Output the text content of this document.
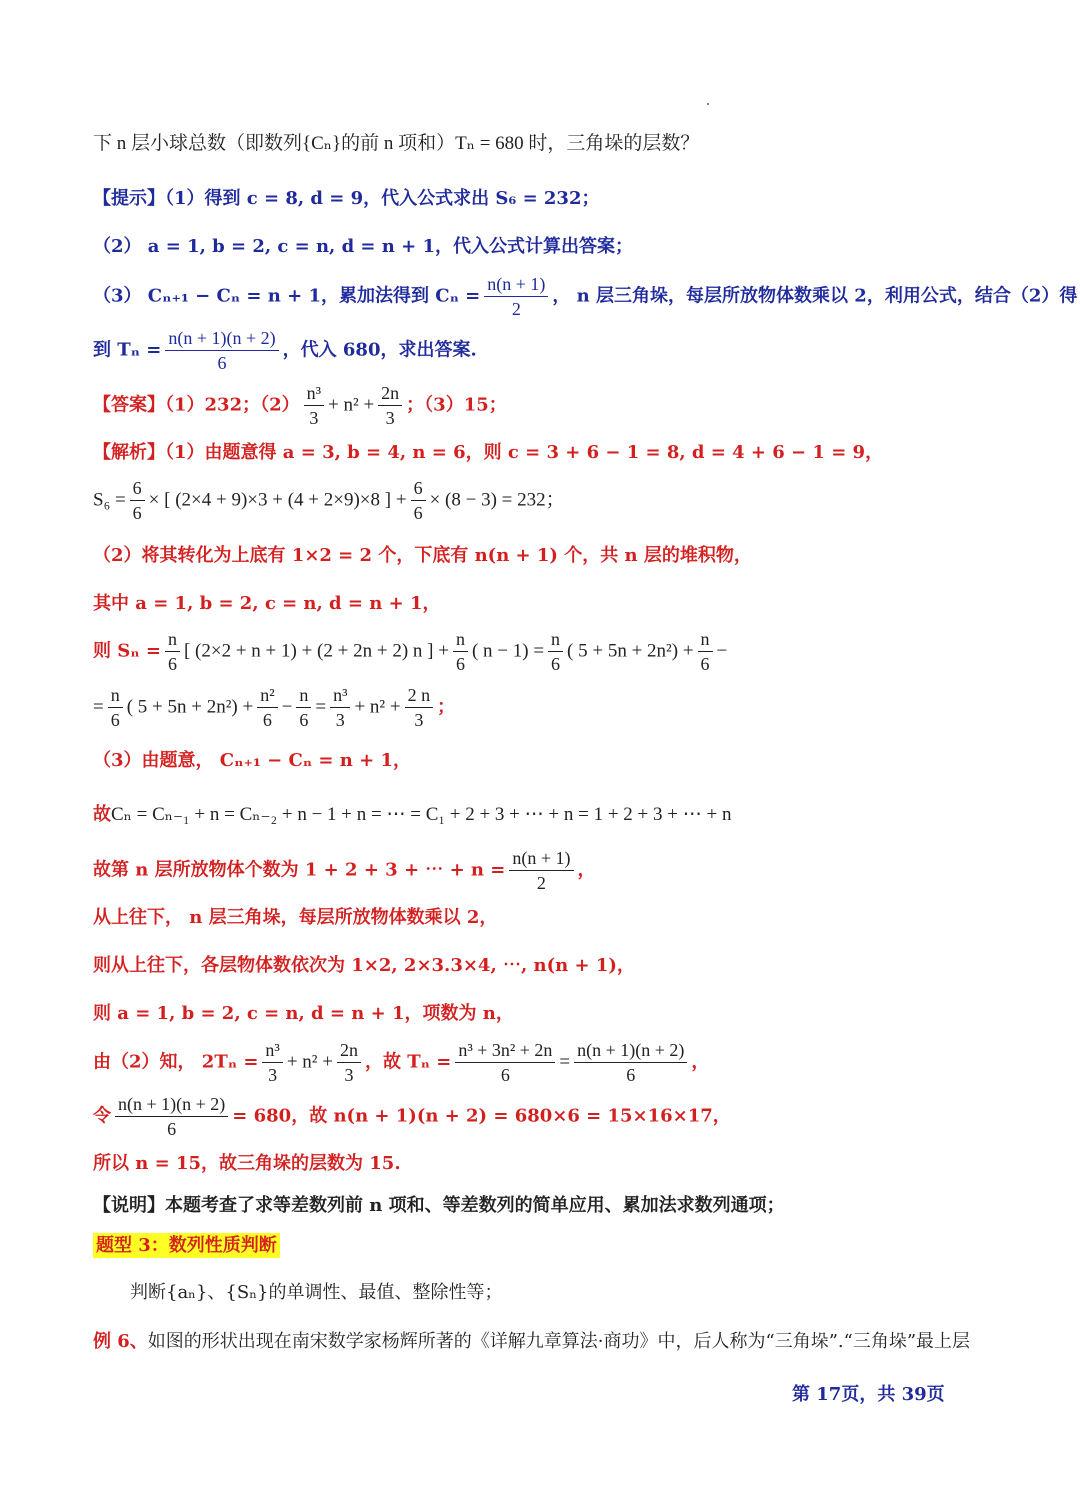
下 n 层小球总数（即数列{Cₙ}的前 n 项和）Tₙ = 680 时，三角垛的层数？
【提示】（1）得到 c = 8, d = 9，代入公式求出 S₆ = 232；
（2） a = 1, b = 2, c = n, d = n + 1，代入公式计算出答案；
（3） Cₙ₊₁ − Cₙ = n + 1，累加法得到 $C_n = \frac{n(n + 1)}{2}$ ， n 层三角垛，每层所放物体数乘以 2，利用公式，结合（2）得
到 $T_n = \frac{n(n + 1)(n + 2)}{6}$ ，代入 680，求出答案.
【答案】（1）232；$(2) \frac{\text{n³}}{3} + n^2 + \frac{2n}{3}$ ；（3）15；
【解析】（1）由题意得 a = 3, b = 4, n = 6，则 c = 3 + 6 − 1 = 8, d = 4 + 6 − 1 = 9，
$S_6 = \frac{6}{6}$ × [ (2×4 + 9)×3 + (4 + 2×9)×8 ] + $\frac{6}{6} \times (8 - 3) = 232$；
（2）将其转化为上底有 1×2 = 2 个，下底有 n(n + 1) 个，共 n 层的堆积物，
其中 a = 1, b = 2, c = n, d = n + 1，
则 $S_n = \frac{n}{6}$ [ (2×2 + n + 1) + (2 + 2n + 2) n ] + $\frac{n}{6}$ ( $n - 1) = \frac{n}{6}$ ( $5 + 5n + 2n^2) + \frac{n}{6}$ −
= $\frac{n}{6}$ ( $5 + 5n + 2n^2) + \frac{\text{n²}}{6} - \frac{n}{6} = \frac{\text{n³}}{3} + n^2 + \frac{2 n}{3}$ ；
（3）由题意， Cₙ₊₁ − Cₙ = n + 1，
故Cₙ = Cₙ₋₁ + n = Cₙ₋₂ + n − 1 + n = ⋯ = C₁ + 2 + 3 + ⋯ + n = 1 + 2 + 3 + ⋯ + n
故第 n 层所放物体个数为 1 + 2 + 3 + ⋯ + $n = \frac{n(n + 1)}{2}$ ，
从上往下， n 层三角垛，每层所放物体数乘以 2，
则从上往下，各层物体数依次为 1×2, 2×3.3×4, ⋯, n(n + 1)，
则 a = 1, b = 2, c = n, d = n + 1，项数为 n，
由（2）知， $2T_n = \frac{\text{n³}}{3} + n^2 + \frac{2n}{3}$ ，故 $T_n = \frac{\text{n³ + 3n² + 2n}}{6} = \frac{n(n + 1)(n + 2)}{6}$ ，
令 $\frac{n(n + 1)(n + 2)}{6} = 680$，故 n(n + 1)(n + 2) = 680×6 = 15×16×17，
所以 n = 15，故三角垛的层数为 15.
【说明】本题考查了求等差数列前 n 项和、等差数列的简单应用、累加法求数列通项；
题型 3：数列性质判断
判断{aₙ}、{Sₙ}的单调性、最值、整除性等；
例 6、如图的形状出现在南宋数学家杨辉所著的《详解九章算法·商功》中，后人称为“三角垛”.“三角垛”最上层
第 17页，共 39页
